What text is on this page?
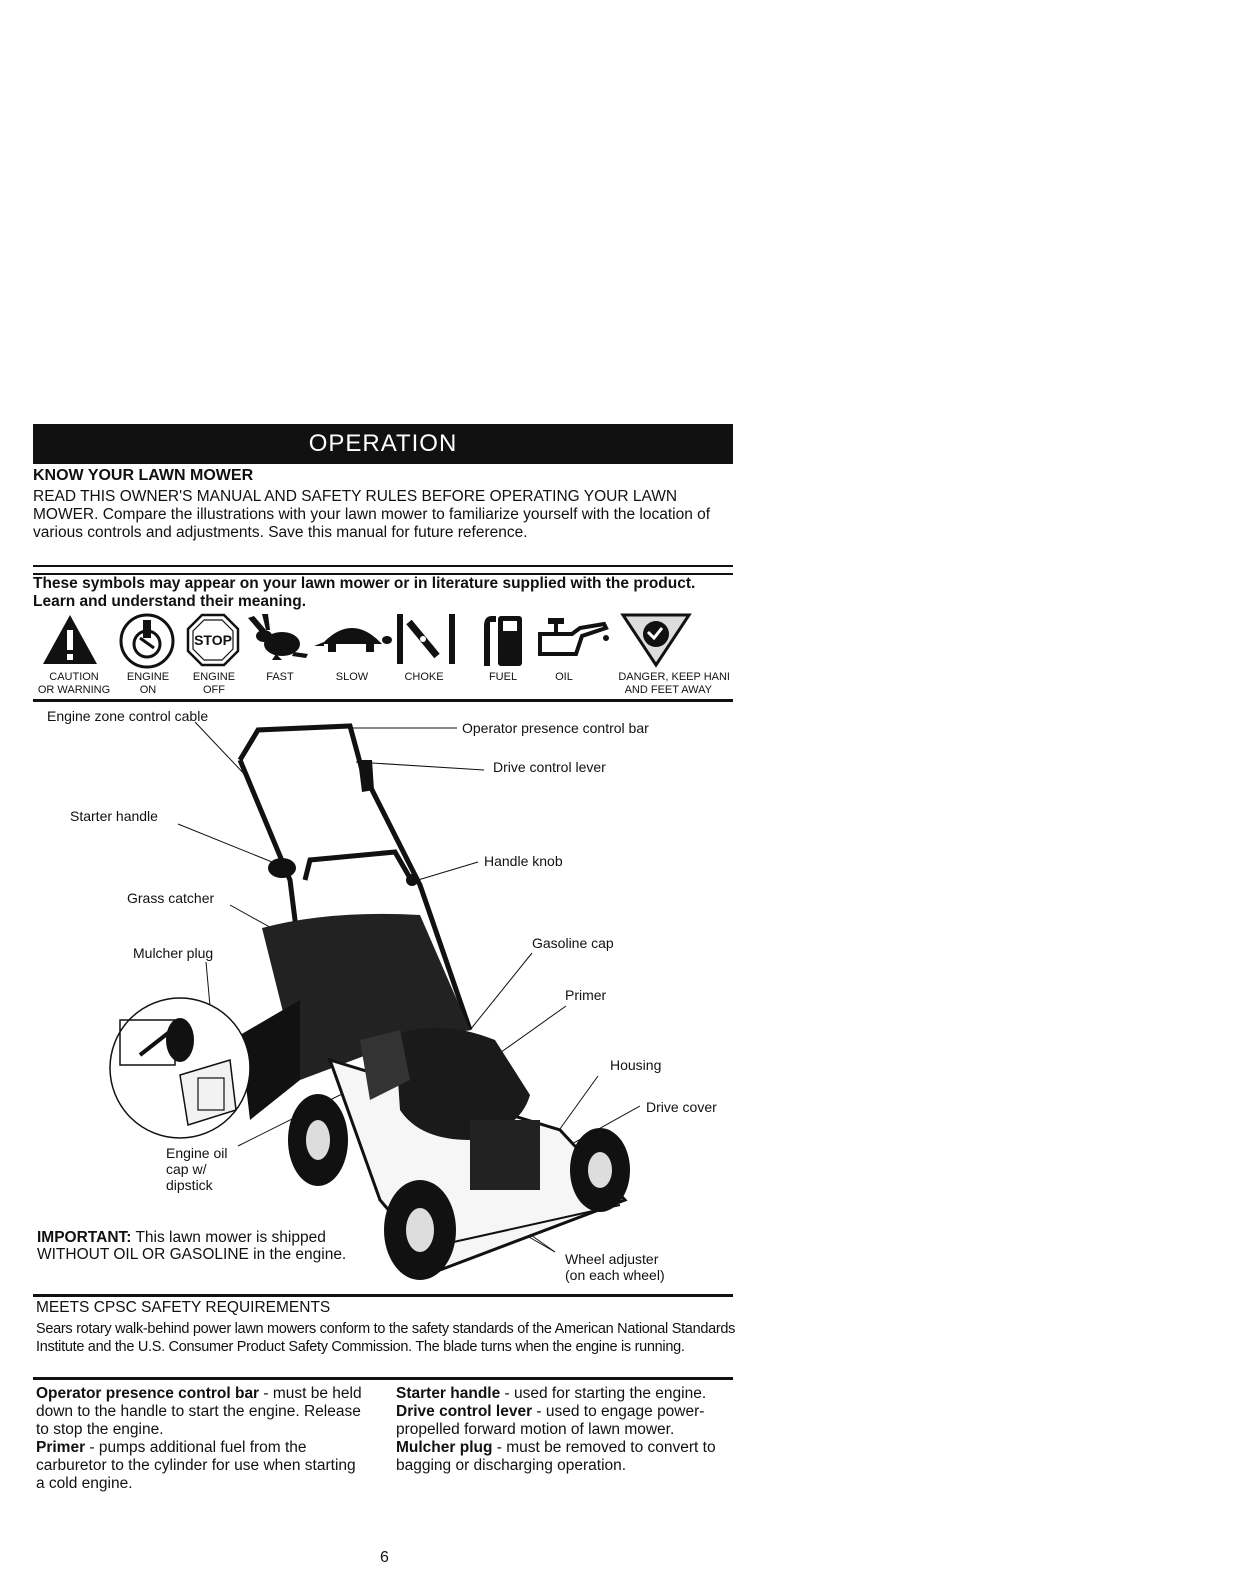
OPERATION
KNOW YOUR LAWN MOWER
READ THIS OWNER'S MANUAL AND SAFETY RULES BEFORE OPERATING YOUR LAWN MOWER. Compare the illustrations with your lawn mower to familiarize yourself with the location of various controls and adjustments. Save this manual for future reference.
These symbols may appear on your lawn mower or in literature supplied with the product. Learn and understand their meaning.
STOP
CAUTION
OR WARNING
ENGINE
ON
ENGINE
OFF
FAST	SLOW	CHOKE	FUEL	OIL	DANGER, KEEP HANI
AND FEET AWAY
Engine zone control cable
Operator presence control bar
Drive control lever
Starter handle
Handle knob
Grass catcher
Mulcher plug
Gasoline cap
Primer
Housing
Drive cover
Engine oil
cap w/
dipstick
Wheel adjuster
(on each wheel)
IMPORTANT: This lawn mower is shipped WITHOUT OIL OR GASOLINE in the engine.
MEETS CPSC SAFETY REQUIREMENTS
Sears rotary walk-behind power lawn mowers conform to the safety standards of the American National Standards Institute and the U.S. Consumer Product Safety Commission. The blade turns when the engine is running.
Operator presence control bar - must be held down to the handle to start the engine. Release to stop the engine.
Primer - pumps additional fuel from the carburetor to the cylinder for use when starting a cold engine.
Starter handle - used for starting the engine.
Drive control lever - used to engage power-propelled forward motion of lawn mower.
Mulcher plug - must be removed to convert to bagging or discharging operation.
6
